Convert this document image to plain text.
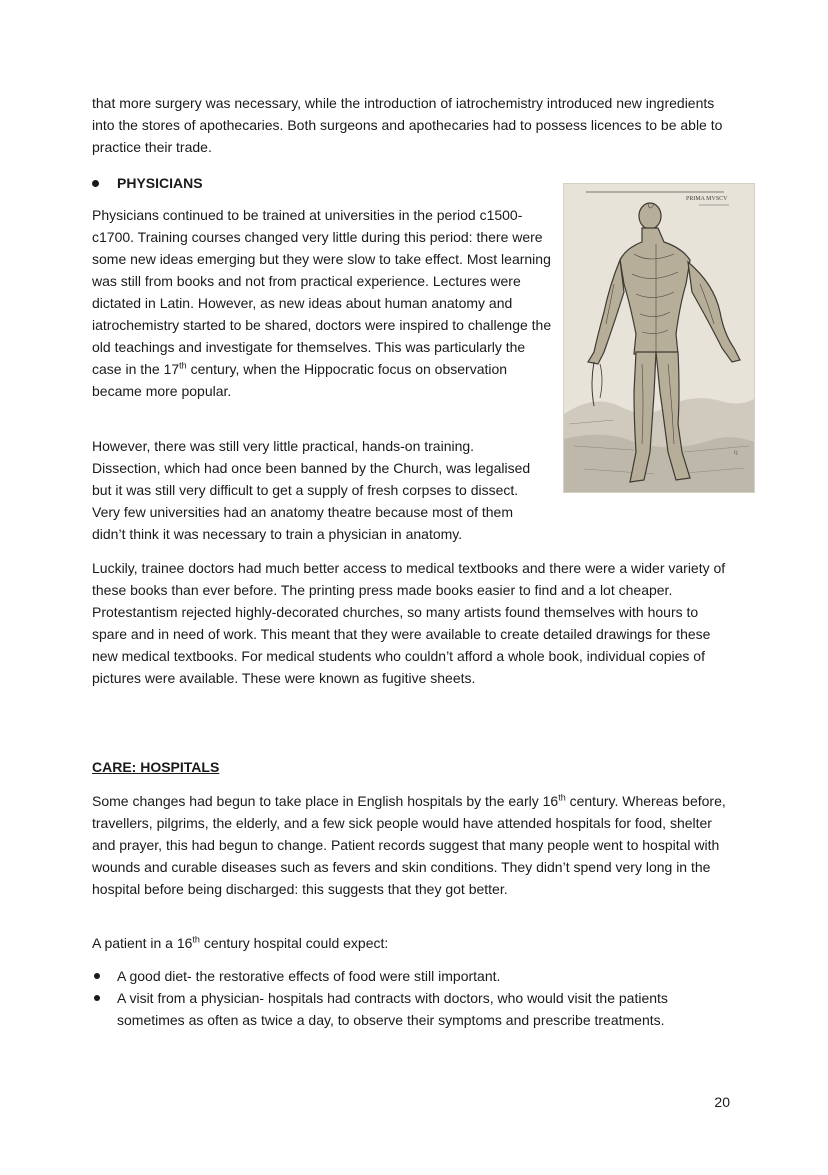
that more surgery was necessary, while the introduction of iatrochemistry introduced new ingredients into the stores of apothecaries. Both surgeons and apothecaries had to possess licences to be able to practice their trade.

PHYSICIANS

Physicians continued to be trained at universities in the period c1500-c1700. Training courses changed very little during this period: there were some new ideas emerging but they were slow to take effect. Most learning was still from books and not from practical experience. Lectures were dictated in Latin. However, as new ideas about human anatomy and iatrochemistry started to be shared, doctors were inspired to challenge the old teachings and investigate for themselves. This was particularly the case in the 17th century, when the Hippocratic focus on observation became more popular.

However, there was still very little practical, hands-on training. Dissection, which had once been banned by the Church, was legalised but it was still very difficult to get a supply of fresh corpses to dissect. Very few universities had an anatomy theatre because most of them didn’t think it was necessary to train a physician in anatomy.

Luckily, trainee doctors had much better access to medical textbooks and there were a wider variety of these books than ever before. The printing press made books easier to find and a lot cheaper. Protestantism rejected highly-decorated churches, so many artists found themselves with hours to spare and in need of work. This meant that they were available to create detailed drawings for these new medical textbooks. For medical students who couldn’t afford a whole book, individual copies of pictures were available. These were known as fugitive sheets.

PRIMA MVSCV
Q
CARE: HOSPITALS

Some changes had begun to take place in English hospitals by the early 16th century. Whereas before, travellers, pilgrims, the elderly, and a few sick people would have attended hospitals for food, shelter and prayer, this had begun to change. Patient records suggest that many people went to hospital with wounds and curable diseases such as fevers and skin conditions. They didn’t spend very long in the hospital before being discharged: this suggests that they got better.

A patient in a 16th century hospital could expect:

A good diet- the restorative effects of food were still important.
A visit from a physician- hospitals had contracts with doctors, who would visit the patients sometimes as often as twice a day, to observe their symptoms and prescribe treatments.
20
